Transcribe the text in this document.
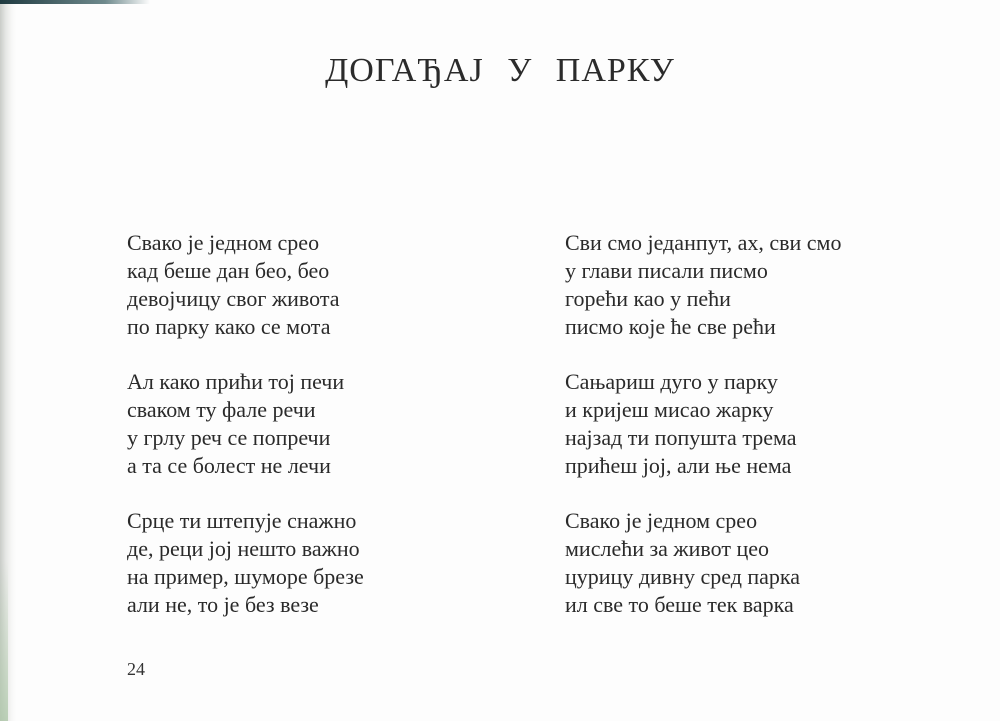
ДОГАЂАЈ У ПАРКУ
Свако је једном срео
кад беше дан бео, бео
девојчицу свог живота
по парку како се мота
Ал како прићи тој печи
сваком ту фале речи
у грлу реч се попречи
а та се болест не лечи
Срце ти штепује снажно
де, реци јој нешто важно
на пример, шуморе брезе
али не, то је без везе
Сви смо једанпут, ах, сви смо
у глави писали писмо
горећи као у пећи
писмо које ће све рећи
Сањариш дуго у парку
и кријеш мисао жарку
најзад ти попушта трема
прићеш јој, али ње нема
Свако је једном срео
мислећи за живот цео
цурицу дивну сред парка
ил све то беше тек варка
24
